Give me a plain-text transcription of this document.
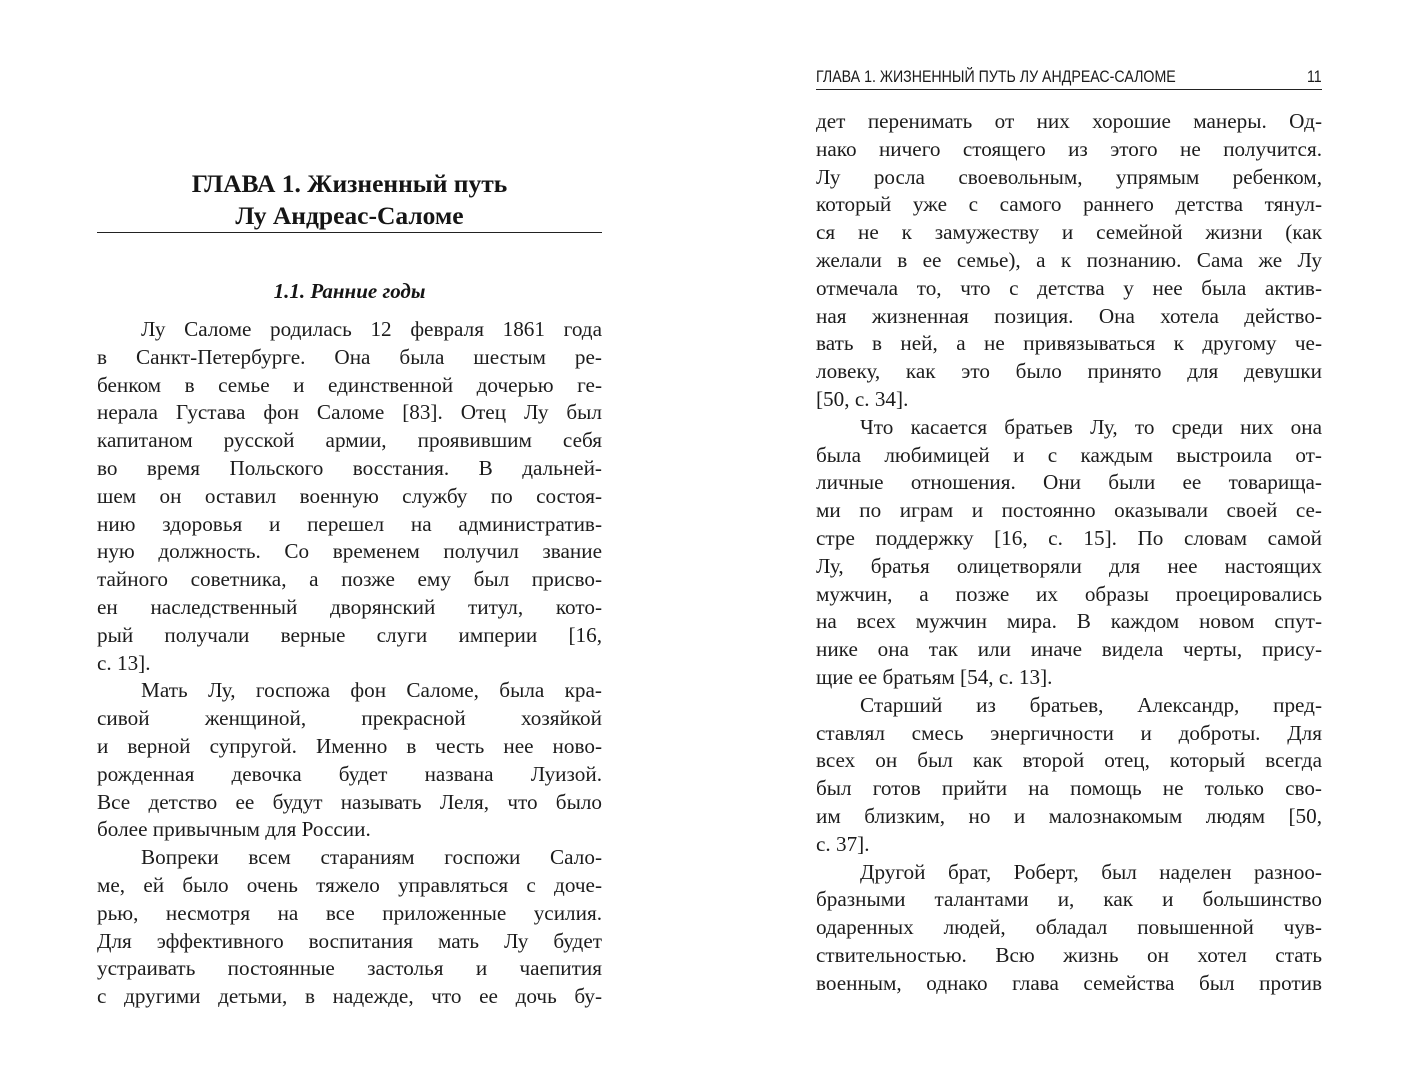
ГЛАВА 1. Жизненный путь
Лу Андреас-Саломе
1.1. Ранние годы
Лу Саломе родилась 12 февраля 1861 года
в Санкт-Петербурге. Она была шестым ре-
бенком в семье и единственной дочерью ге-
нерала Густава фон Саломе [83]. Отец Лу был
капитаном русской армии, проявившим себя
во время Польского восстания. В дальней-
шем он оставил военную службу по состоя-
нию здоровья и перешел на административ-
ную должность. Со временем получил звание
тайного советника, а позже ему был присво-
ен наследственный дворянский титул, кото-
рый получали верные слуги империи [16,
с. 13].
Мать Лу, госпожа фон Саломе, была кра-
сивой женщиной, прекрасной хозяйкой
и верной супругой. Именно в честь нее ново-
рожденная девочка будет названа Луизой.
Все детство ее будут называть Леля, что было
более привычным для России.
Вопреки всем стараниям госпожи Сало-
ме, ей было очень тяжело управляться с доче-
рью, несмотря на все приложенные усилия.
Для эффективного воспитания мать Лу будет
устраивать постоянные застолья и чаепития
с другими детьми, в надежде, что ее дочь бу-
ГЛАВА 1. ЖИЗНЕННЫЙ ПУТЬ ЛУ АНДРЕАС-САЛОМЕ	11
дет перенимать от них хорошие манеры. Од-
нако ничего стоящего из этого не получится.
Лу росла своевольным, упрямым ребенком,
который уже с самого раннего детства тянул-
ся не к замужеству и семейной жизни (как
желали в ее семье), а к познанию. Сама же Лу
отмечала то, что с детства у нее была актив-
ная жизненная позиция. Она хотела действо-
вать в ней, а не привязываться к другому че-
ловеку, как это было принято для девушки
[50, с. 34].
Что касается братьев Лу, то среди них она
была любимицей и с каждым выстроила от-
личные отношения. Они были ее товарища-
ми по играм и постоянно оказывали своей се-
стре поддержку [16, с. 15]. По словам самой
Лу, братья олицетворяли для нее настоящих
мужчин, а позже их образы проецировались
на всех мужчин мира. В каждом новом спут-
нике она так или иначе видела черты, прису-
щие ее братьям [54, с. 13].
Старший из братьев, Александр, пред-
ставлял смесь энергичности и доброты. Для
всех он был как второй отец, который всегда
был готов прийти на помощь не только сво-
им близким, но и малознакомым людям [50,
с. 37].
Другой брат, Роберт, был наделен разноо-
бразными талантами и, как и большинство
одаренных людей, обладал повышенной чув-
ствительностью. Всю жизнь он хотел стать
военным, однако глава семейства был против
